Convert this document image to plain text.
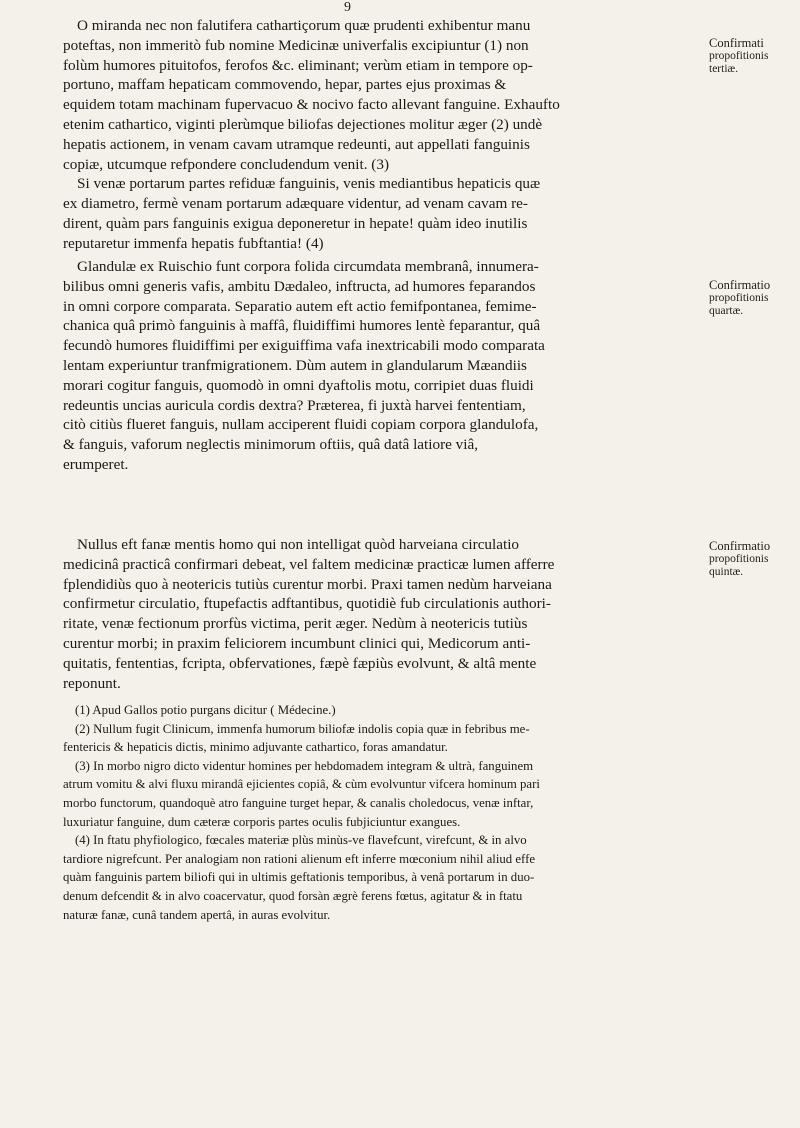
9
O miranda nec non falutifera cathartiçorum quæ prudenti exhibentur manu
poteftas, non immeritò fub nomine Medicinæ univerfalis excipiuntur (1) non
folùm humores pituitofos, ferofos &c. eliminant; verùm etiam in tempore op-
portuno, maffam hepaticam commovendo, hepar, partes ejus proximas &
equidem totam machinam fupervacuo & nocivo facto allevant fanguine. Exhaufto
etenim cathartico, viginti plerùmque biliofas dejectiones molitur æger (2) undè
hepatis actionem, in venam cavam utramque redeunti, aut appellati fanguinis
copiæ, utcumque refpondere concludendum venit. (3)
Si venæ portarum partes refiduæ fanguinis, venis mediantibus hepaticis quæ
ex diametro, fermè venam portarum adæquare videntur, ad venam cavam re-
dirent, quàm pars fanguinis exigua deponeretur in hepate! quàm ideo inutilis
reputaretur immenfa hepatis fubftantia! (4)
Glandulæ ex Ruischio funt corpora folida circumdata membranâ, innumera-
bilibus omni generis vafis, ambitu Dædaleo, inftructa, ad humores feparandos
in omni corpore comparata. Separatio autem eft actio femifpontanea, femime-
chanica quâ primò fanguinis à maffâ, fluidiffimi humores lentè feparantur, quâ
fecundò humores fluidiffimi per exiguiffima vafa inextricabili modo comparata
lentam experiuntur tranfmigrationem. Dùm autem in glandularum Mæandiis
morari cogitur fanguis, quomodò in omni dyaftolis motu, corripiet duas fluidi
redeuntis uncias auricula cordis dextra? Præterea, fi juxtà harvei fententiam,
citò citiùs flueret fanguis, nullam acciperent fluidi copiam corpora glandulofa,
& fanguis, vaforum neglectis minimorum oftiis, quâ datâ latiore viâ,
erumperet.
Nullus eft fanæ mentis homo qui non intelligat quòd harveiana circulatio
medicinâ practicâ confirmari debeat, vel faltem medicinæ practicæ lumen afferre
fplendidiùs quo à neotericis tutiùs curentur morbi. Praxi tamen nedùm harveiana
confirmetur circulatio, ftupefactis adftantibus, quotidiè fub circulationis authori-
ritate, venæ fectionum prorfùs victima, perit æger. Nedùm à neotericis tutiùs
curentur morbi; in praxim feliciorem incumbunt clinici qui, Medicorum anti-
quitatis, fententias, fcripta, obfervationes, fæpè fæpiùs evolvunt, & altâ mente
reponunt.
(1) Apud Gallos potio purgans dicitur ( Médecine.)
(2) Nullum fugit Clinicum, immenfa humorum biliofæ indolis copia quæ in febribus me-
fentericis & hepaticis dictis, minimo adjuvante cathartico, foras amandatur.
(3) In morbo nigro dicto videntur homines per hebdomadem integram & ultrà, fanguinem
atrum vomitu & alvi fluxu mirandâ ejicientes copiâ, & cùm evolvuntur vifcera hominum pari
morbo functorum, quandoquè atro fanguine turget hepar, & canalis choledocus, venæ inftar,
luxuriatur fanguine, dum cæteræ corporis partes oculis fubjiciuntur exangues.
(4) In ftatu phyfiologico, fœcales materiæ plùs minùs-ve flavefcunt, virefcunt, & in alvo
tardiore nigrefcunt. Per analogiam non rationi alienum eft inferre mœconium nihil aliud effe
quàm fanguinis partem biliofi qui in ultimis geftationis temporibus, à venâ portarum in duo-
denum defcendit & in alvo coacervatur, quod forsàn ægrè ferens fœtus, agitatur & in ftatu
naturæ fanæ, cunâ tandem apertâ, in auras evolvitur.
Confirmati
propofitionis
tertiæ.
Confirmatio
propofitionis
quartæ.
Confirmatio
propofitionis
quintæ.
